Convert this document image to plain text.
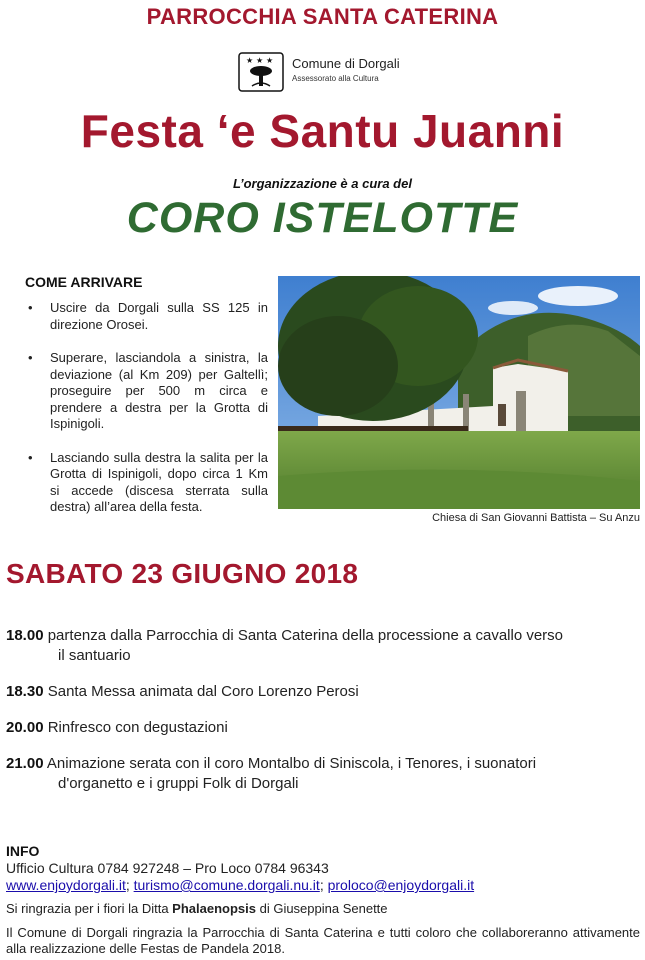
PARROCCHIA SANTA CATERINA
★ ★ ★ Comune di Dorgali
Assessorato alla Cultura
Festa ‘e Santu Juanni
L’organizzazione è a cura del
CORO ISTELOTTE
COME ARRIVARE
• Uscire da Dorgali sulla SS 125 in direzione Orosei.
• Superare, lasciandola a sinistra, la deviazione (al Km 209) per Galtellì; proseguire per 500 m circa e prendere a destra per la Grotta di Ispinigoli.
• Lasciando sulla destra la salita per la Grotta di Ispinigoli, dopo circa 1 Km si accede (discesa sterrata sulla destra) all’area della festa.
Chiesa di San Giovanni Battista – Su Anzu
SABATO 23 GIUGNO 2018
18.00 partenza dalla Parrocchia di Santa Caterina della processione a cavallo verso
il santuario
18.30 Santa Messa animata dal Coro Lorenzo Perosi
20.00 Rinfresco con degustazioni
21.00 Animazione serata con il coro Montalbo di Siniscola, i Tenores, i suonatori
d'organetto e i gruppi Folk di Dorgali
INFO
Ufficio Cultura 0784 927248 – Pro Loco 0784 96343
www.enjoydorgali.it; turismo@comune.dorgali.nu.it; proloco@enjoydorgali.it
Si ringrazia per i fiori la Ditta Phalaenopsis di Giuseppina Senette
Il Comune di Dorgali ringrazia la Parrocchia di Santa Caterina e tutti coloro che collaboreranno attivamente alla realizzazione delle Festas de Pandela 2018.
